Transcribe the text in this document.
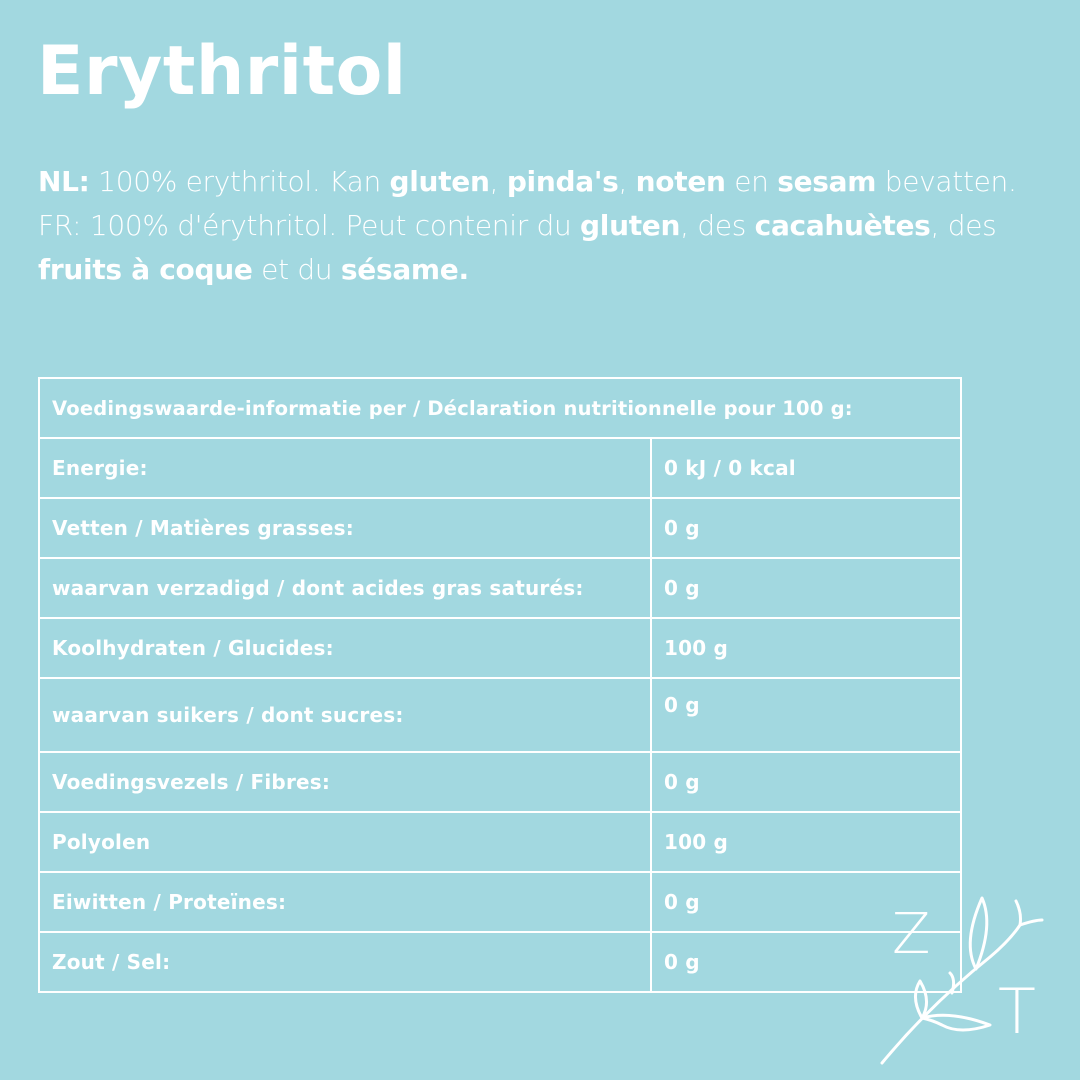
Erythritol

NL: 100% erythritol. Kan gluten, pinda's, noten en sesam bevatten.

FR: 100% d'érythritol. Peut contenir du gluten, des cacahuètes, des fruits à coque et du sésame.

Voedingswaarde-informatie per / Déclaration nutritionnelle pour 100 g:	
Energie:	0 kJ / 0 kcal
Vetten / Matières grasses:	0 g
waarvan verzadigd / dont acides gras saturés:	0 g
Koolhydraten / Glucides:	100 g
waarvan suikers / dont sucres:	0 g
Voedingsvezels / Fibres:	0 g
Polyolen	100 g
Eiwitten / Proteïnes:	0 g
Zout / Sel:	0 g	Z
T
